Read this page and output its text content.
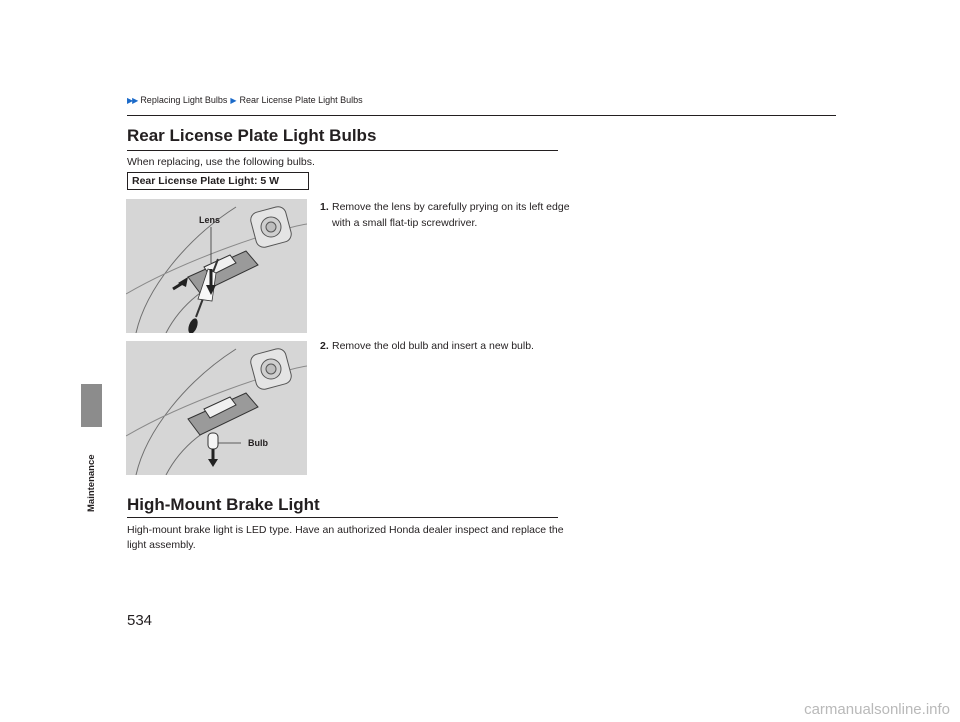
▶▶ Replacing Light Bulbs ▶ Rear License Plate Light Bulbs
Maintenance
Rear License Plate Light Bulbs
When replacing, use the following bulbs.
Rear License Plate Light: 5 W
Lens
Bulb
1. Remove the lens by carefully prying on its left edge with a small flat-tip screwdriver.
2. Remove the old bulb and insert a new bulb.
High-Mount Brake Light
High-mount brake light is LED type. Have an authorized Honda dealer inspect and replace the light assembly.
534
carmanualsonline.info
